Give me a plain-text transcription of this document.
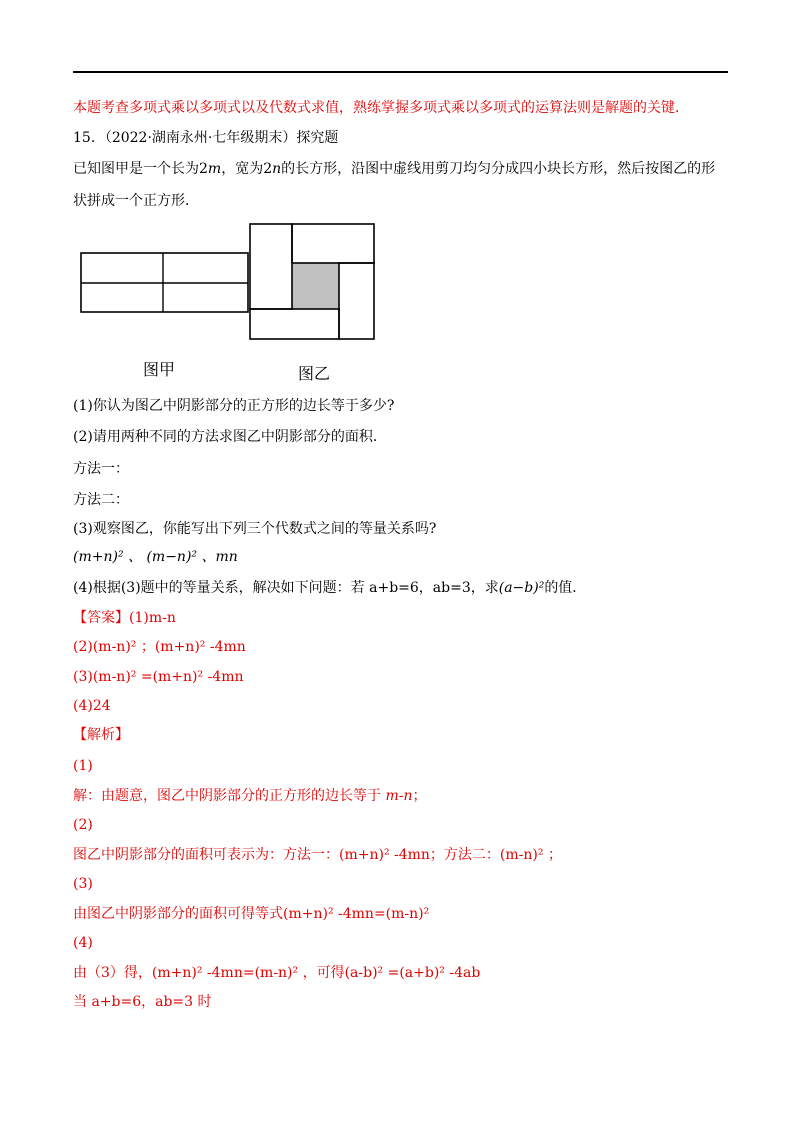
本题考查多项式乘以多项式以及代数式求值，熟练掌握多项式乘以多项式的运算法则是解题的关键．
15．（2022·湖南永州·七年级期末）探究题
已知图甲是一个长为2m，宽为2n的长方形，沿图中虚线用剪刀均匀分成四小块长方形，然后按图乙的形
状拼成一个正方形．
图甲	图乙
(1)你认为图乙中阴影部分的正方形的边长等于多少?
(2)请用两种不同的方法求图乙中阴影部分的面积．
方法一：
方法二：
(3)观察图乙，你能写出下列三个代数式之间的等量关系吗?
(m+n)² 、 (m−n)² 、mn
(4)根据(3)题中的等量关系，解决如下问题：若 a+b=6，ab=3，求(a−b)²的值．
【答案】(1)m-n
(2)(m-n)² ；(m+n)² -4mn
(3)(m-n)² =(m+n)² -4mn
(4)24
【解析】
(1)
解：由题意，图乙中阴影部分的正方形的边长等于 m-n；
(2)
图乙中阴影部分的面积可表示为：方法一：(m+n)² -4mn；方法二：(m-n)² ；
(3)
由图乙中阴影部分的面积可得等式(m+n)² -4mn=(m-n)²
(4)
由（3）得，(m+n)² -4mn=(m-n)² ，可得(a-b)² =(a+b)² -4ab
当 a+b=6，ab=3 时
